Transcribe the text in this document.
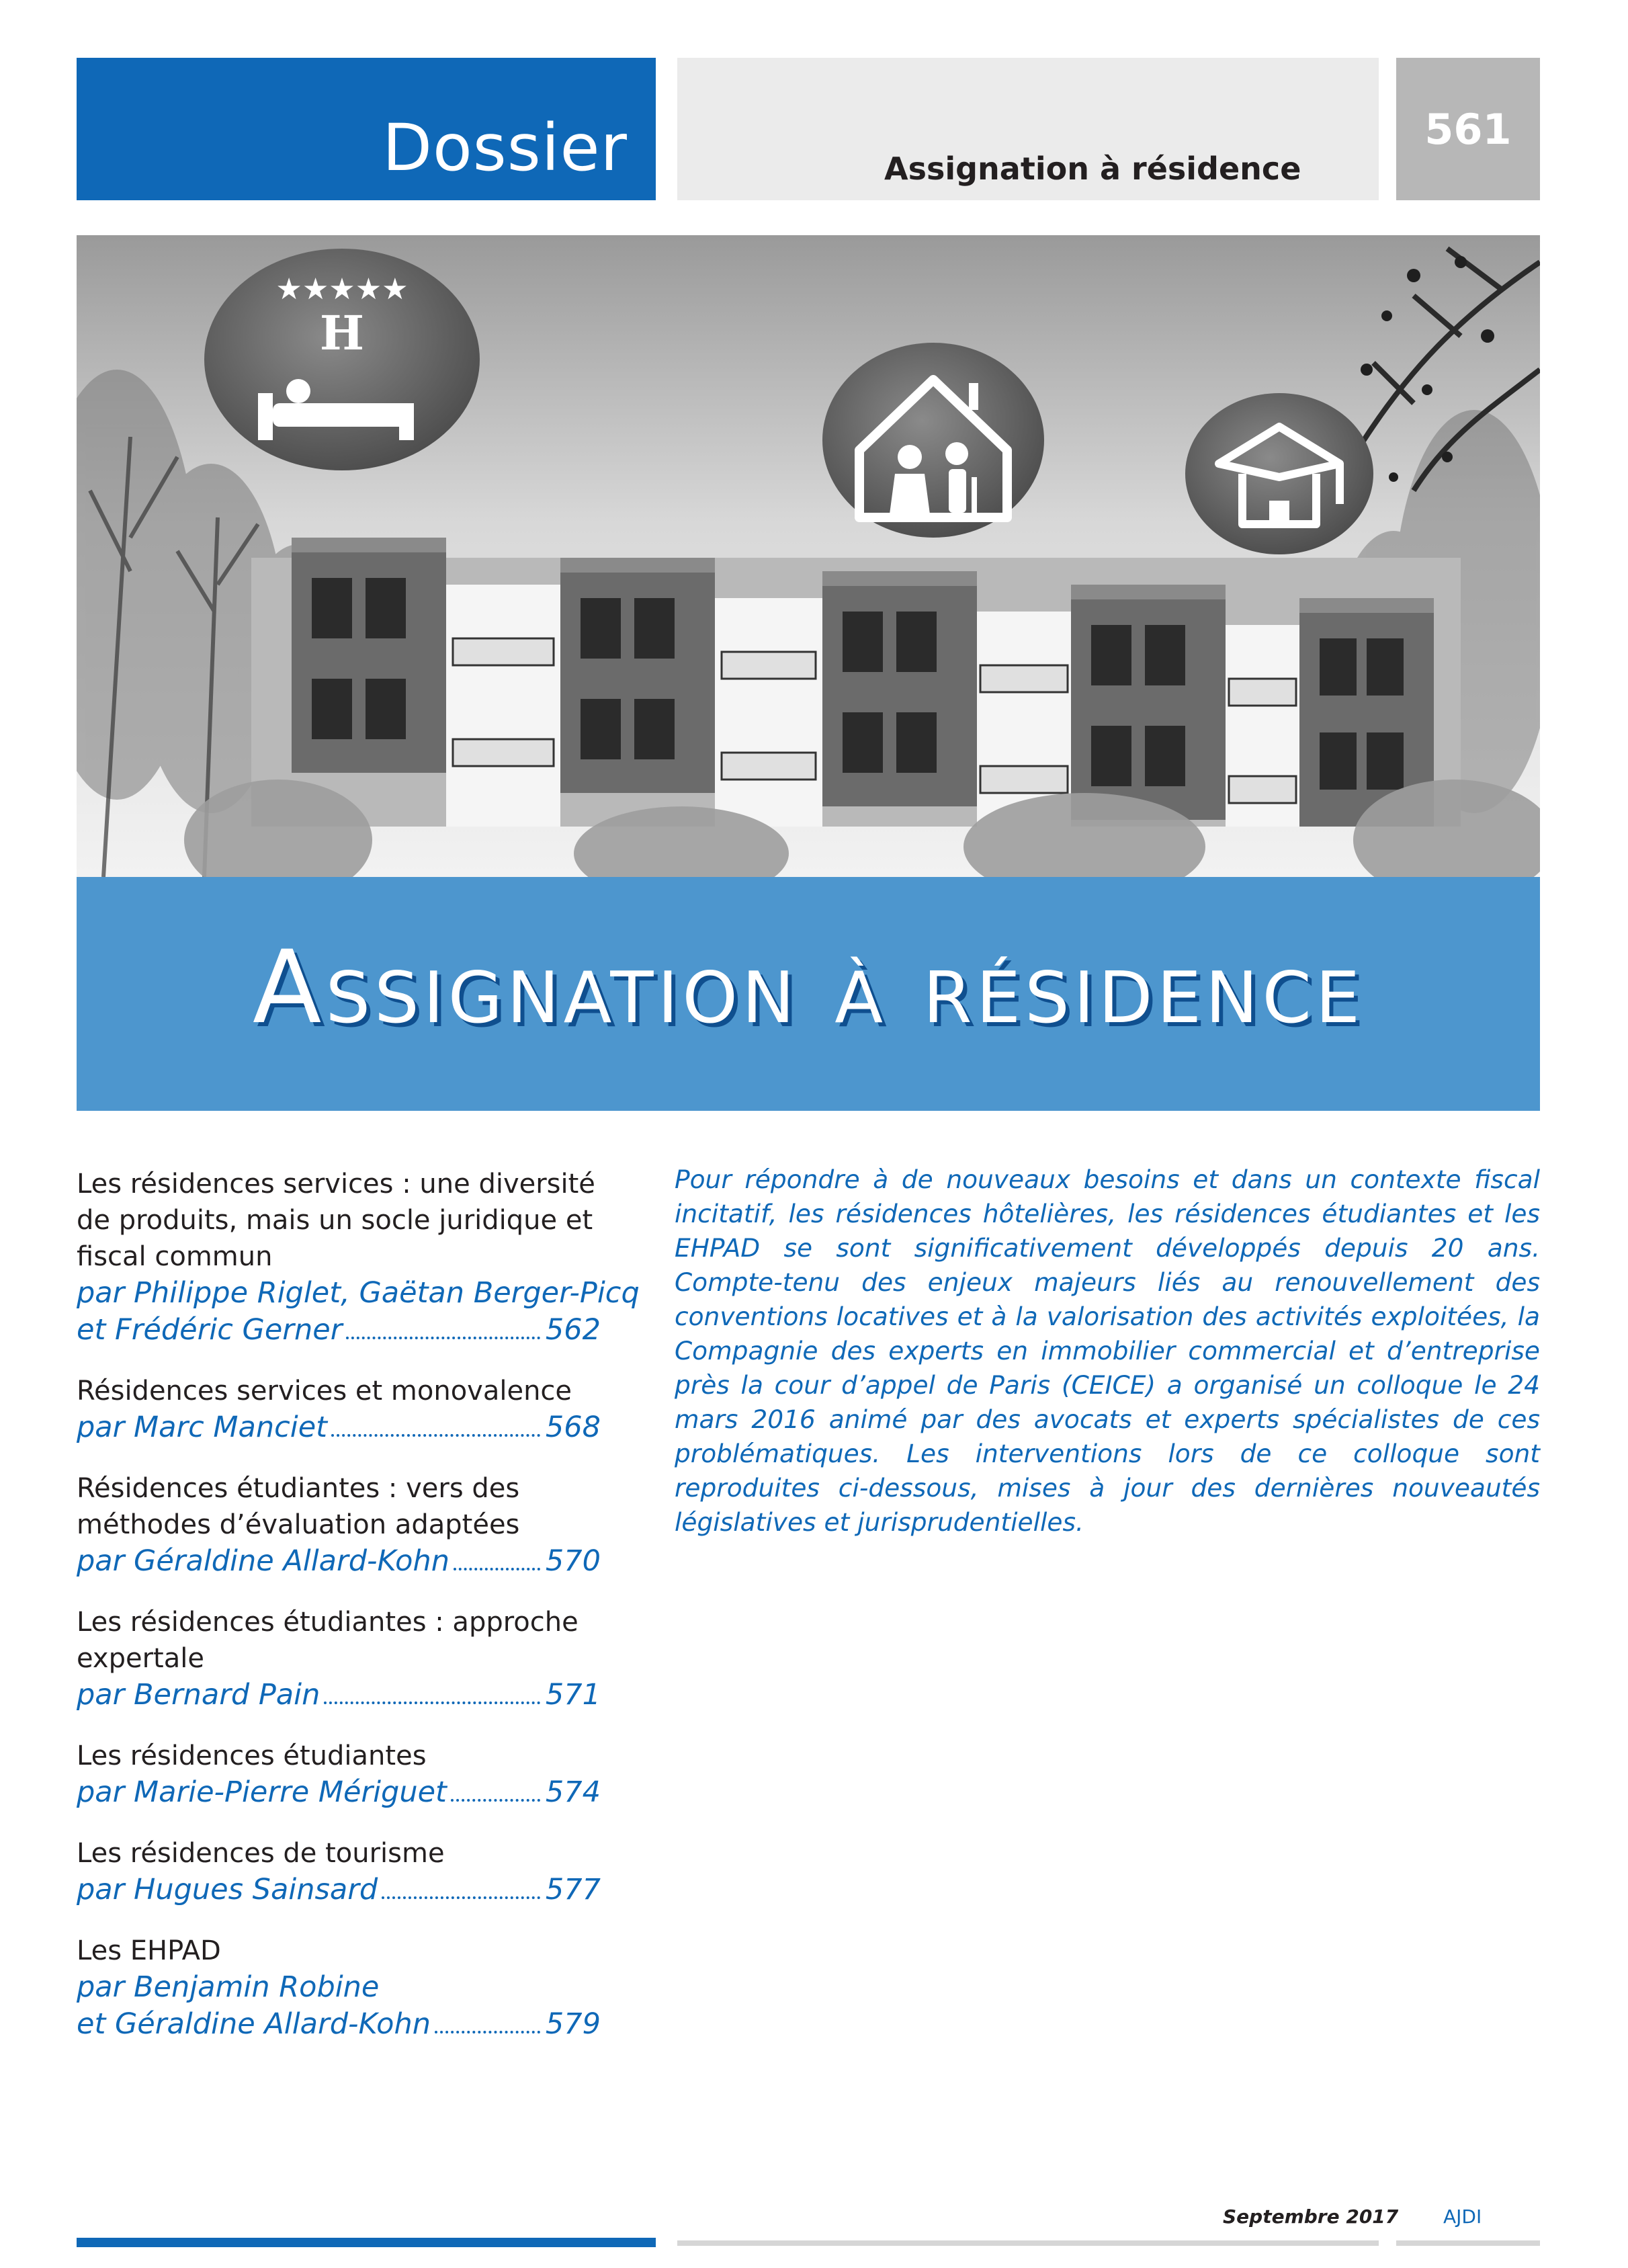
Dossier	Assignation à résidence
561
H
★★★★★
Assignation à résidence
Les résidences services : une diversité de produits, mais un socle juridique et fiscal commun
par Philippe Riglet, Gaëtan Berger-Picq
et Frédéric Gerner	562
Résidences services et monovalence
par Marc Manciet	568
Résidences étudiantes : vers des méthodes d’évaluation adaptées
par Géraldine Allard-Kohn	570
Les résidences étudiantes : approche expertale
par Bernard Pain	571
Les résidences étudiantes
par Marie-Pierre Mériguet	574
Les résidences de tourisme
par Hugues Sainsard	577
Les EHPAD
par Benjamin Robine
et Géraldine Allard-Kohn	579

Pour répondre à de nouveaux besoins et dans un contexte fiscal incitatif, les résidences hôtelières, les résidences étudiantes et les EHPAD se sont significativement développés depuis 20 ans. Compte-tenu des enjeux majeurs liés au renouvellement des conventions locatives et à la valorisation des activités exploitées, la Compagnie des experts en immobilier commercial et d’entreprise près la cour d’appel de Paris (CEICE) a organisé un colloque le 24 mars 2016 animé par des avocats et experts spécialistes de ces problématiques. Les interventions lors de ce colloque sont reproduites ci-dessous, mises à jour des dernières nouveautés législatives et jurisprudentielles.

Septembre 2017 AJDI
